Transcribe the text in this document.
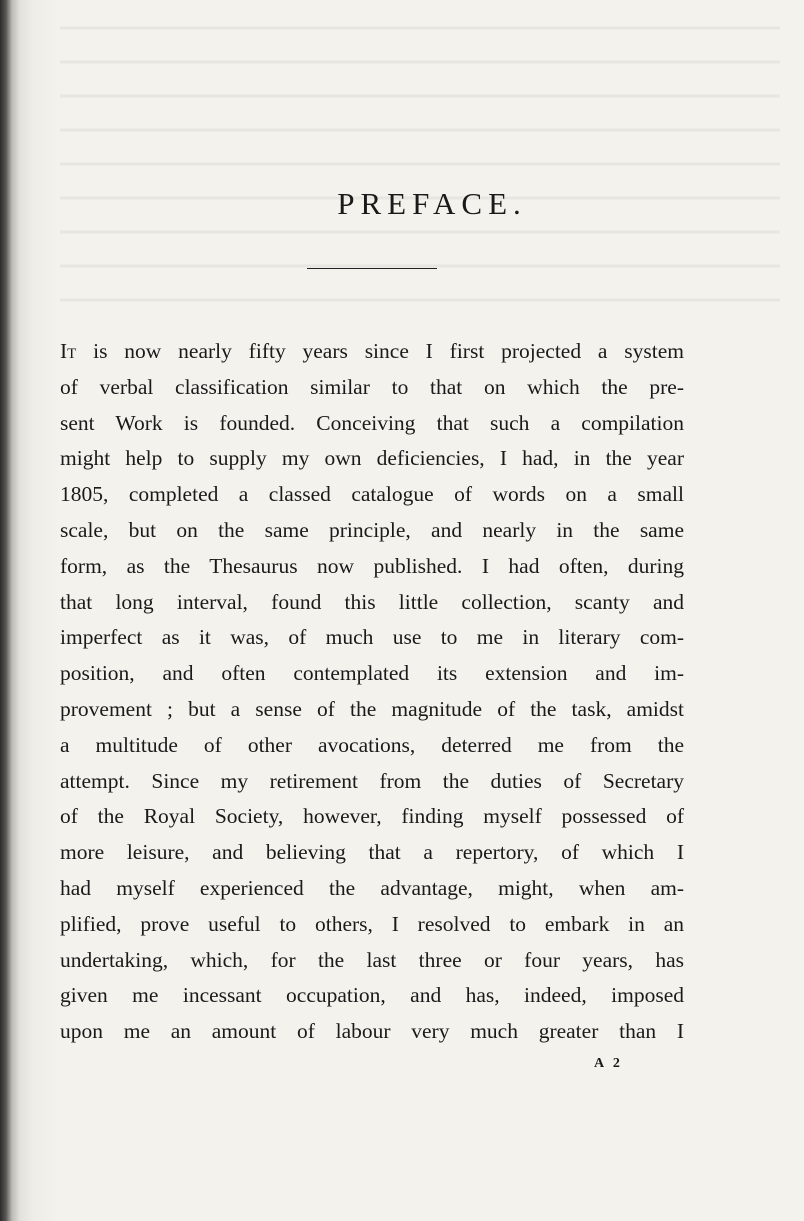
PREFACE.
It is now nearly fifty years since I first projected a system
of verbal classification similar to that on which the pre-
sent Work is founded. Conceiving that such a compilation
might help to supply my own deficiencies, I had, in the year
1805, completed a classed catalogue of words on a small
scale, but on the same principle, and nearly in the same
form, as the Thesaurus now published. I had often, during
that long interval, found this little collection, scanty and
imperfect as it was, of much use to me in literary com-
position, and often contemplated its extension and im-
provement ; but a sense of the magnitude of the task, amidst
a multitude of other avocations, deterred me from the
attempt. Since my retirement from the duties of Secretary
of the Royal Society, however, finding myself possessed of
more leisure, and believing that a repertory, of which I
had myself experienced the advantage, might, when am-
plified, prove useful to others, I resolved to embark in an
undertaking, which, for the last three or four years, has
given me incessant occupation, and has, indeed, imposed
upon me an amount of labour very much greater than I
A 2
